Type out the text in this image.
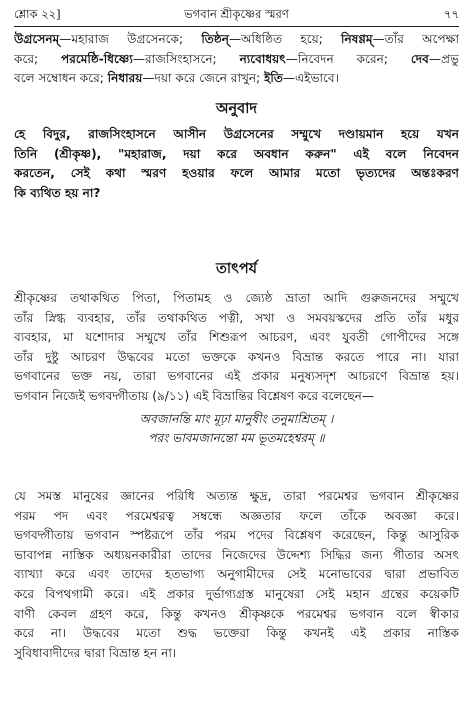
শ্লোক ২২]	ভগবান শ্রীকৃষ্ণের স্মরণ	৭৭
উগ্রসেনম্—মহারাজ উগ্রসেনকে; তিষ্ঠন্—অধিষ্ঠিত হয়ে; নিষণ্ণম্—তাঁর অপেক্ষা
করে; পরমেষ্ঠি-ধিষ্ণ্যে—রাজসিংহাসনে; ন্যবোধয়ৎ—নিবেদন করেন; দেব—প্রভু
বলে সম্বোধন করে; নিধারয়—দয়া করে জেনে রাখুন; ইতি—এইভাবে।
অনুবাদ
হে বিদুর, রাজসিংহাসনে আসীন উগ্রসেনের সম্মুখে দণ্ডায়মান হয়ে যখন
তিনি (শ্রীকৃষ্ণ), "মহারাজ, দয়া করে অবধান করুন" এই বলে নিবেদন
করতেন, সেই কথা স্মরণ হওয়ার ফলে আমার মতো ভৃত্যদের অন্তঃকরণ
কি ব্যথিত হয় না?
তাৎপর্য
শ্রীকৃষ্ণের তথাকথিত পিতা, পিতামহ ও জ্যেষ্ঠ ভ্রাতা আদি গুরুজনদের সম্মুখে
তাঁর স্নিগ্ধ ব্যবহার, তাঁর তথাকথিত পত্নী, সখা ও সমবয়স্কদের প্রতি তাঁর মধুর
ব্যবহার, মা যশোদার সম্মুখে তাঁর শিশুরূপ আচরণ, এবং যুবতী গোপীদের সঙ্গে
তাঁর দুষ্টু আচরণ উদ্ধবের মতো ভক্তকে কখনও বিভ্রান্ত করতে পারে না। যারা
ভগবানের ভক্ত নয়, তারা ভগবানের এই প্রকার মনুষ্যসদৃশ আচরণে বিভ্রান্ত হয়।
ভগবান নিজেই ভগবদ্গীতায় (৯/১১) এই বিভ্রান্তির বিশ্লেষণ করে বলেছেন—
অবজানন্তি মাং মূঢ়া মানুষীং তনুমাশ্রিতম্ ।
পরং ভাবমজানন্তো মম ভূতমহেশ্বরম্ ॥
যে সমস্ত মানুষের জ্ঞানের পরিধি অত্যন্ত ক্ষুদ্র, তারা পরমেশ্বর ভগবান শ্রীকৃষ্ণের
পরম পদ এবং পরমেশ্বরত্ব সম্বন্ধে অজ্ঞতার ফলে তাঁকে অবজ্ঞা করে।
ভগবদ্গীতায় ভগবান স্পষ্টরূপে তাঁর পরম পদের বিশ্লেষণ করেছেন, কিন্তু আসুরিক
ভাবাপন্ন নাস্তিক অধ্যয়নকারীরা তাদের নিজেদের উদ্দেশ্য সিদ্ধির জন্য গীতার অসৎ
ব্যাখ্যা করে এবং তাদের হতভাগ্য অনুগামীদের সেই মনোভাবের দ্বারা প্রভাবিত
করে বিপথগামী করে। এই প্রকার দুর্ভাগ্যগ্রস্ত মানুষেরা সেই মহান গ্রন্থের কয়েকটি
বাণী কেবল গ্রহণ করে, কিন্তু কখনও শ্রীকৃষ্ণকে পরমেশ্বর ভগবান বলে স্বীকার
করে না। উদ্ধবের মতো শুদ্ধ ভক্তেরা কিন্তু কখনই এই প্রকার নাস্তিক
সুবিধাবাদীদের দ্বারা বিভ্রান্ত হন না।
